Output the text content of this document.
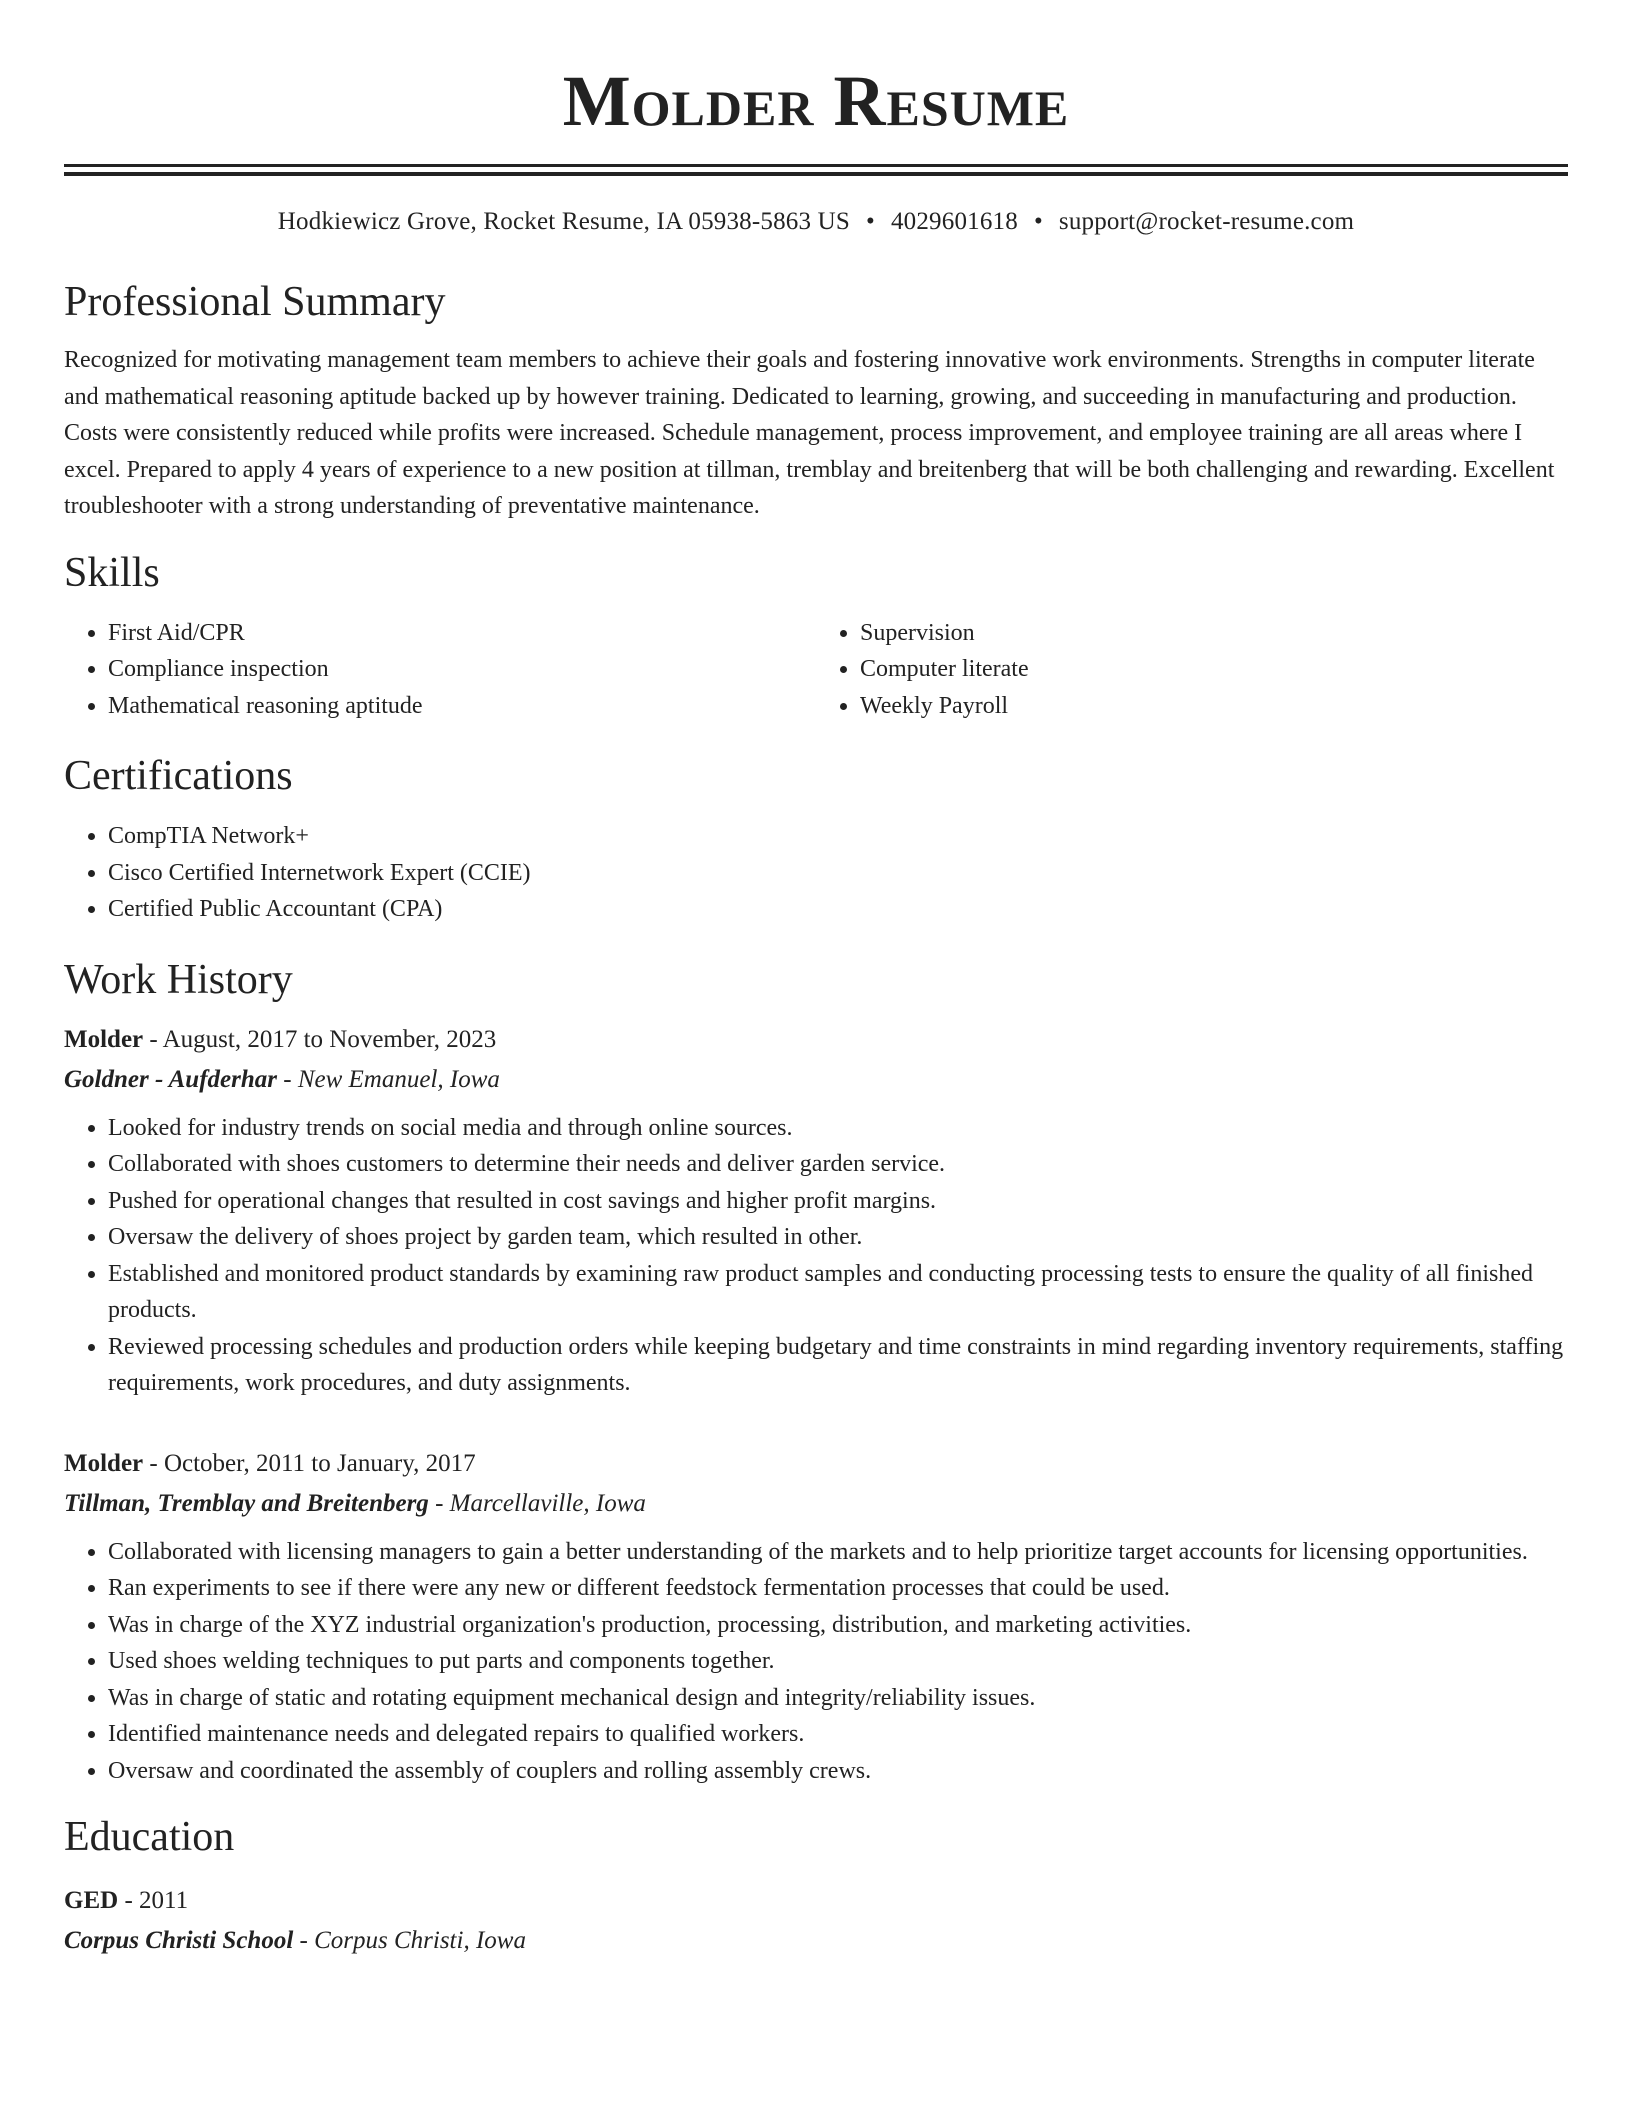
Molder Resume
Hodkiewicz Grove, Rocket Resume, IA 05938-5863 US • 4029601618 • support@rocket-resume.com
Professional Summary

Recognized for motivating management team members to achieve their goals and fostering innovative work environments. Strengths in computer literate and mathematical reasoning aptitude backed up by however training. Dedicated to learning, growing, and succeeding in manufacturing and production. Costs were consistently reduced while profits were increased. Schedule management, process improvement, and employee training are all areas where I excel. Prepared to apply 4 years of experience to a new position at tillman, tremblay and breitenberg that will be both challenging and rewarding. Excellent troubleshooter with a strong understanding of preventative maintenance.

Skills
• First Aid/CPR
• Compliance inspection
• Mathematical reasoning aptitude
• Supervision
• Computer literate
• Weekly Payroll
Certifications
• CompTIA Network+
• Cisco Certified Internetwork Expert (CCIE)
• Certified Public Accountant (CPA)
Work History
Molder - August, 2017 to November, 2023
Goldner - Aufderhar - New Emanuel, Iowa
• Looked for industry trends on social media and through online sources.
• Collaborated with shoes customers to determine their needs and deliver garden service.
• Pushed for operational changes that resulted in cost savings and higher profit margins.
• Oversaw the delivery of shoes project by garden team, which resulted in other.
• Established and monitored product standards by examining raw product samples and conducting processing tests to ensure the quality of all finished products.
• Reviewed processing schedules and production orders while keeping budgetary and time constraints in mind regarding inventory requirements, staffing requirements, work procedures, and duty assignments.
Molder - October, 2011 to January, 2017
Tillman, Tremblay and Breitenberg - Marcellaville, Iowa
• Collaborated with licensing managers to gain a better understanding of the markets and to help prioritize target accounts for licensing opportunities.
• Ran experiments to see if there were any new or different feedstock fermentation processes that could be used.
• Was in charge of the XYZ industrial organization's production, processing, distribution, and marketing activities.
• Used shoes welding techniques to put parts and components together.
• Was in charge of static and rotating equipment mechanical design and integrity/reliability issues.
• Identified maintenance needs and delegated repairs to qualified workers.
• Oversaw and coordinated the assembly of couplers and rolling assembly crews.
Education
GED - 2011
Corpus Christi School - Corpus Christi, Iowa
